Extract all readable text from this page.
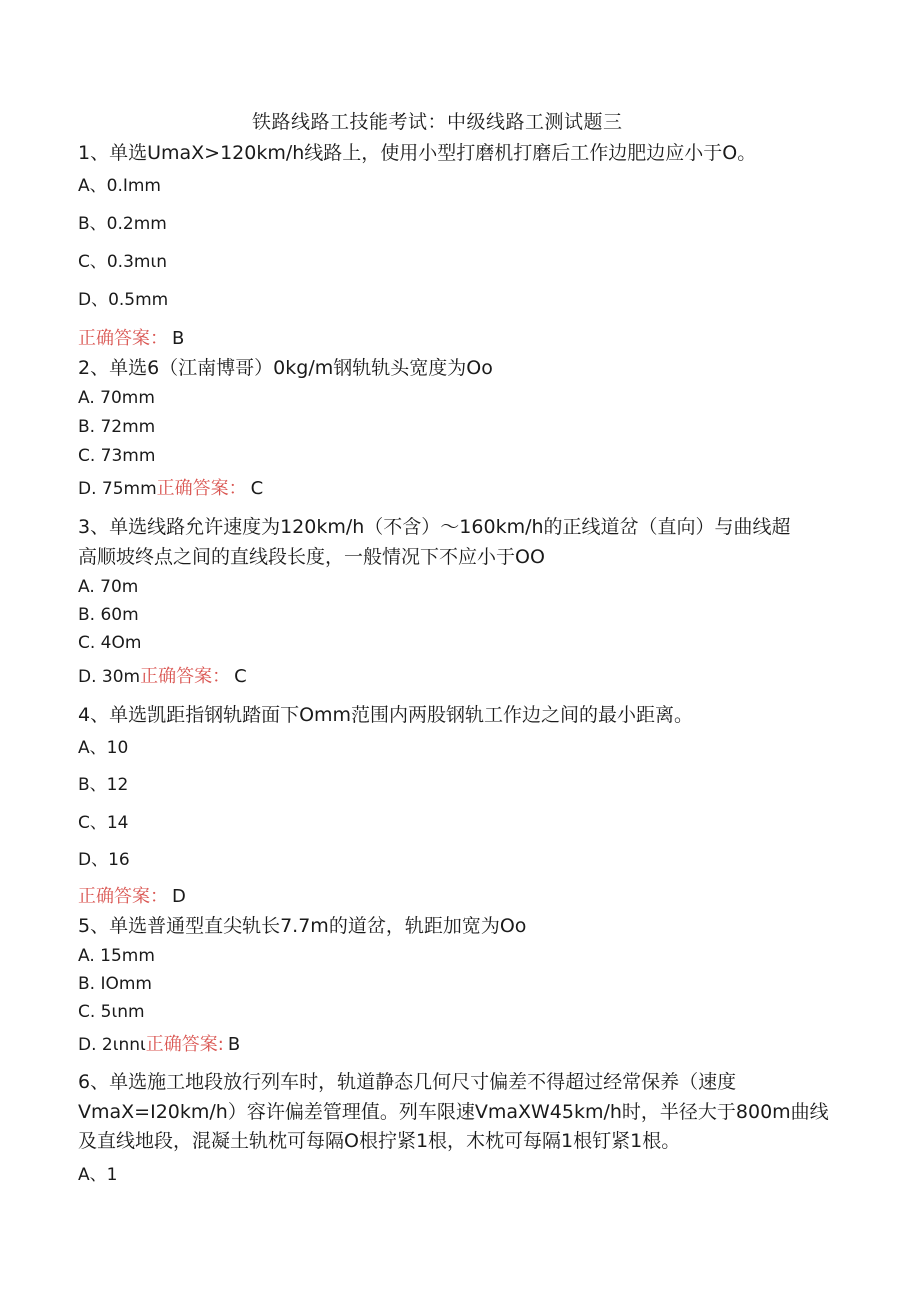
铁路线路工技能考试：中级线路工测试题三
1、单选UmaX>120km∕h线路上，使用小型打磨机打磨后工作边肥边应小于O。
A、0.Imm
B、0.2mm
C、0.3mιn
D、0.5mm
正确答案： B
2、单选6（江南博哥）0kg∕m钢轨轨头宽度为Oo
A. 70mm
B. 72mm
C. 73mm
D. 75mm正确答案： C
3、单选线路允许速度为120km∕h（不含）～160km∕h的正线道岔（直向）与曲线超
高顺坡终点之间的直线段长度，一般情况下不应小于OO
A. 70m
B. 60m
C. 4Om
D. 30m正确答案： C
4、单选凯距指钢轨踏面下Omm范围内两股钢轨工作边之间的最小距离。
A、10
B、12
C、14
D、16
正确答案： D
5、单选普通型直尖轨长7.7m的道岔，轨距加宽为Oo
A. 15mm
B. IOmm
C. 5ιnm
D. 2ιnnι正确答案: B
6、单选施工地段放行列车时，轨道静态几何尺寸偏差不得超过经常保养（速度
VmaX=I20km∕h）容许偏差管理值。列车限速VmaXW45km∕h时，半径大于800m曲线
及直线地段，混凝土轨枕可每隔O根拧紧1根，木枕可每隔1根钉紧1根。
A、1
